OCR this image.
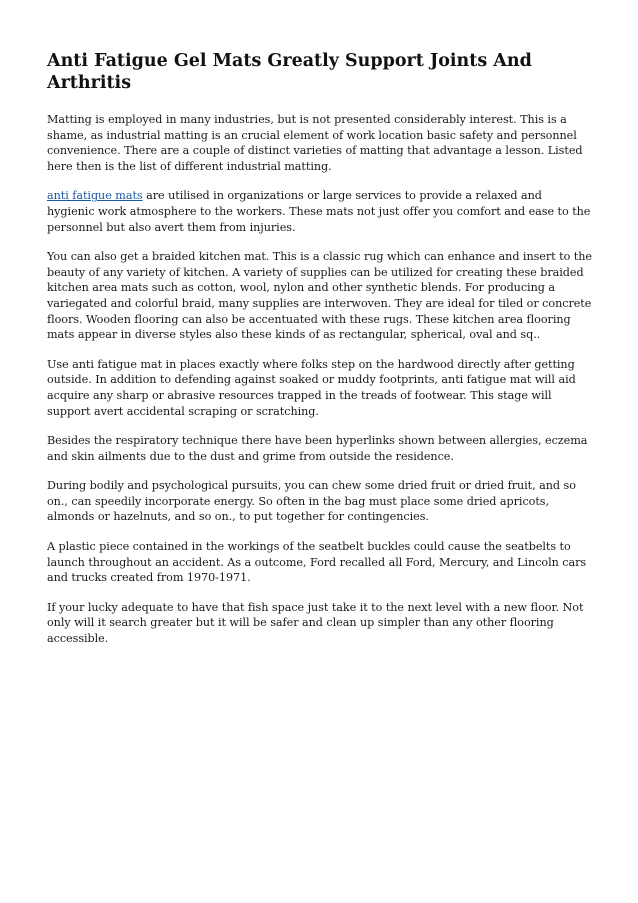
Anti Fatigue Gel Mats Greatly Support Joints And Arthritis

Matting is employed in many industries, but is not presented considerably interest. This is a shame, as industrial matting is an crucial element of work location basic safety and personnel convenience. There are a couple of distinct varieties of matting that advantage a lesson. Listed here then is the list of different industrial matting.

anti fatigue mats are utilised in organizations or large services to provide a relaxed and hygienic work atmosphere to the workers. These mats not just offer you comfort and ease to the personnel but also avert them from injuries.

You can also get a braided kitchen mat. This is a classic rug which can enhance and insert to the beauty of any variety of kitchen. A variety of supplies can be utilized for creating these braided kitchen area mats such as cotton, wool, nylon and other synthetic blends. For producing a variegated and colorful braid, many supplies are interwoven. They are ideal for tiled or concrete floors. Wooden flooring can also be accentuated with these rugs. These kitchen area flooring mats appear in diverse styles also these kinds of as rectangular, spherical, oval and sq..

Use anti fatigue mat in places exactly where folks step on the hardwood directly after getting outside. In addition to defending against soaked or muddy footprints, anti fatigue mat will aid acquire any sharp or abrasive resources trapped in the treads of footwear. This stage will support avert accidental scraping or scratching.

Besides the respiratory technique there have been hyperlinks shown between allergies, eczema and skin ailments due to the dust and grime from outside the residence.

During bodily and psychological pursuits, you can chew some dried fruit or dried fruit, and so on., can speedily incorporate energy. So often in the bag must place some dried apricots, almonds or hazelnuts, and so on., to put together for contingencies.

A plastic piece contained in the workings of the seatbelt buckles could cause the seatbelts to launch throughout an accident. As a outcome, Ford recalled all Ford, Mercury, and Lincoln cars and trucks created from 1970-1971.

If your lucky adequate to have that fish space just take it to the next level with a new floor. Not only will it search greater but it will be safer and clean up simpler than any other flooring accessible.
